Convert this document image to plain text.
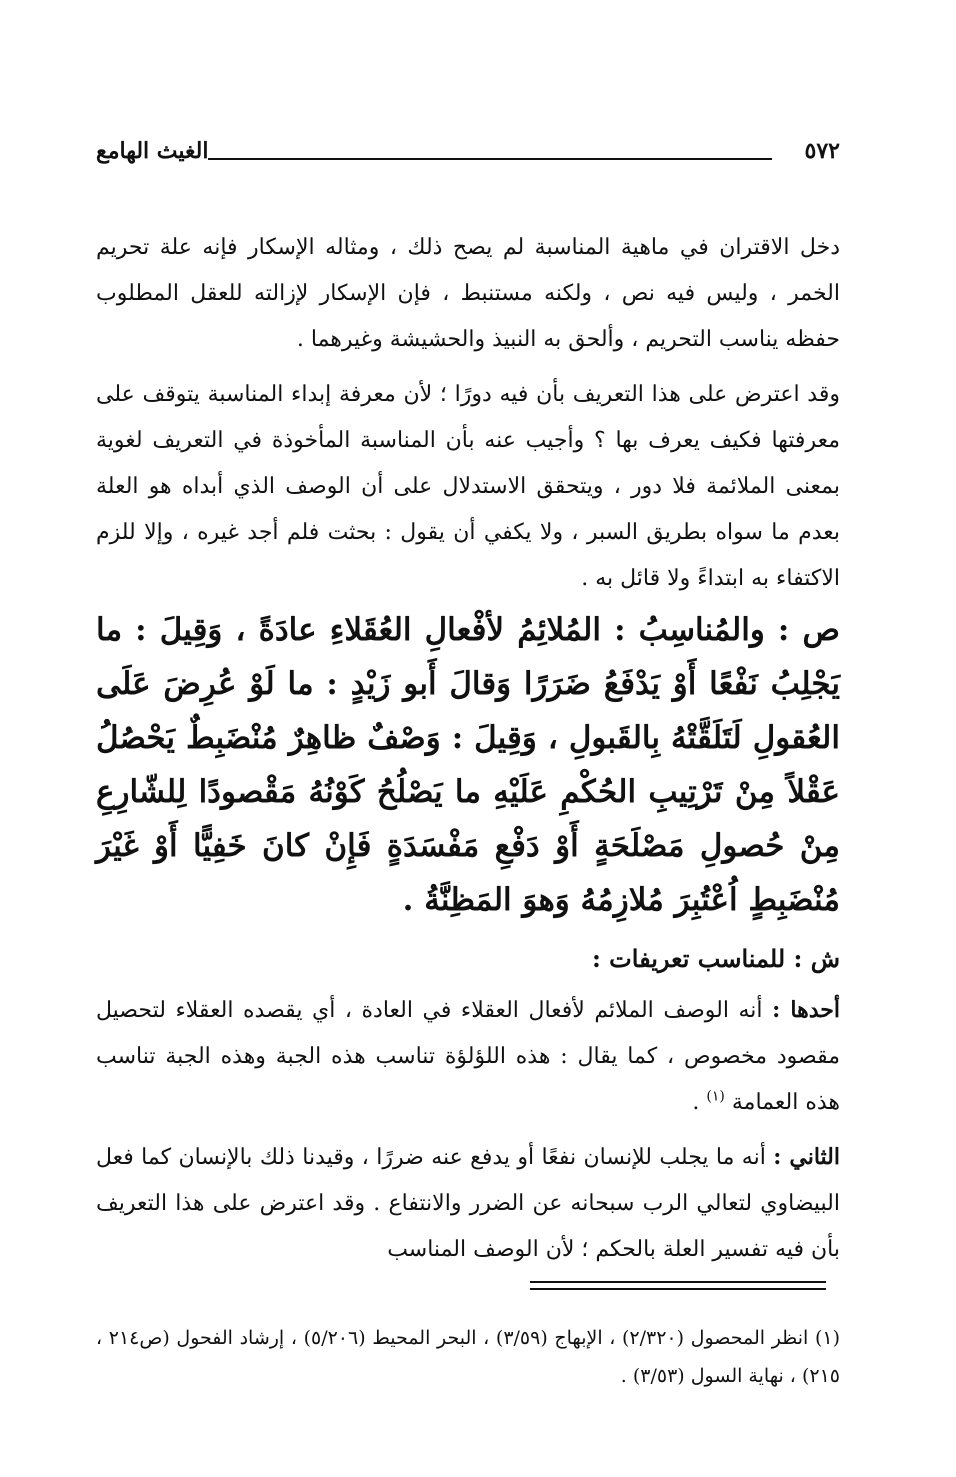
٥٧٢
الغيث الهامع

دخل الاقتران في ماهية المناسبة لم يصح ذلك ، ومثاله الإسكار فإنه علة تحريم الخمر ، وليس فيه نص ، ولكنه مستنبط ، فإن الإسكار لإزالته للعقل المطلوب حفظه يناسب التحريم ، وألحق به النبيذ والحشيشة وغيرهما .

وقد اعترض على هذا التعريف بأن فيه دورًا ؛ لأن معرفة إبداء المناسبة يتوقف على معرفتها فكيف يعرف بها ؟ وأجيب عنه بأن المناسبة المأخوذة في التعريف لغوية بمعنى الملائمة فلا دور ، ويتحقق الاستدلال على أن الوصف الذي أبداه هو العلة بعدم ما سواه بطريق السبر ، ولا يكفي أن يقول : بحثت فلم أجد غيره ، وإلا للزم الاكتفاء به ابتداءً ولا قائل به .

ص : والمُناسِبُ : المُلائِمُ لأفْعالِ العُقَلاءِ عادَةً ، وَقِيلَ : ما يَجْلِبُ نَفْعًا أَوْ يَدْفَعُ ضَرَرًا وَقالَ أَبو زَيْدٍ : ما لَوْ عُرِضَ عَلَى العُقولِ لَتَلَقَّتْهُ بِالقَبولِ ، وَقِيلَ : وَصْفٌ ظاهِرٌ مُنْضَبِطٌ يَحْصُلُ عَقْلاً مِنْ تَرْتِيبِ الحُكْمِ عَلَيْهِ ما يَصْلُحُ كَوْنُهُ مَقْصودًا لِلشّارِعِ مِنْ حُصولِ مَصْلَحَةٍ أَوْ دَفْعِ مَفْسَدَةٍ فَإِنْ كانَ خَفِيًّا أَوْ غَيْرَ مُنْضَبِطٍ اُعْتُبِرَ مُلازِمُهُ وَهوَ المَظِنَّةُ .

ش : للمناسب تعريفات :

أحدها : أنه الوصف الملائم لأفعال العقلاء في العادة ، أي يقصده العقلاء لتحصيل مقصود مخصوص ، كما يقال : هذه اللؤلؤة تناسب هذه الجبة وهذه الجبة تناسب هذه العمامة $^{(١)}$ .

الثاني : أنه ما يجلب للإنسان نفعًا أو يدفع عنه ضررًا ، وقيدنا ذلك بالإنسان كما فعل البيضاوي لتعالي الرب سبحانه عن الضرر والانتفاع . وقد اعترض على هذا التعريف بأن فيه تفسير العلة بالحكم ؛ لأن الوصف المناسب

(١) انظر المحصول (٢/٣٢٠) ، الإبهاج (٣/٥٩) ، البحر المحيط (٥/٢٠٦) ، إرشاد الفحول (ص٢١٤ ، ٢١٥) ، نهاية السول (٣/٥٣) .
